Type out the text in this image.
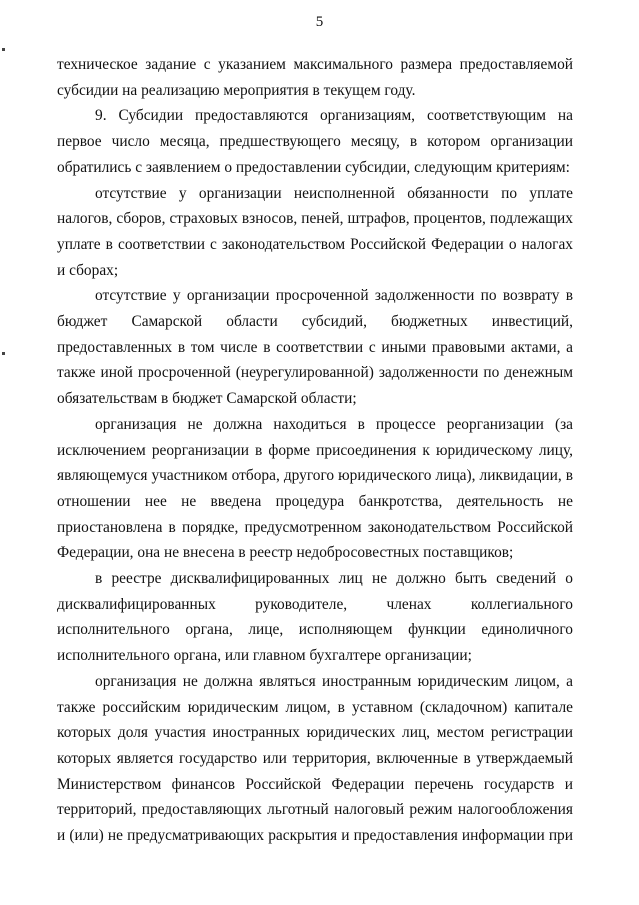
5

техническое задание с указанием максимального размера предоставляемой субсидии на реализацию мероприятия в текущем году.

9. Субсидии предоставляются организациям, соответствующим на первое число месяца, предшествующего месяцу, в котором организации обратились с заявлением о предоставлении субсидии, следующим критериям:

отсутствие у организации неисполненной обязанности по уплате налогов, сборов, страховых взносов, пеней, штрафов, процентов, подлежащих уплате в соответствии с законодательством Российской Федерации о налогах и сборах;

отсутствие у организации просроченной задолженности по возврату в бюджет Самарской области субсидий, бюджетных инвестиций, предоставленных в том числе в соответствии с иными правовыми актами, а также иной просроченной (неурегулированной) задолженности по денежным обязательствам в бюджет Самарской области;

организация не должна находиться в процессе реорганизации (за исключением реорганизации в форме присоединения к юридическому лицу, являющемуся участником отбора, другого юридического лица), ликвидации, в отношении нее не введена процедура банкротства, деятельность не приостановлена в порядке, предусмотренном законодательством Российской Федерации, она не внесена в реестр недобросовестных поставщиков;

в реестре дисквалифицированных лиц не должно быть сведений о дисквалифицированных руководителе, членах коллегиального исполнительного органа, лице, исполняющем функции единоличного исполнительного органа, или главном бухгалтере организации;

организация не должна являться иностранным юридическим лицом, а также российским юридическим лицом, в уставном (складочном) капитале которых доля участия иностранных юридических лиц, местом регистрации которых является государство или территория, включенные в утверждаемый Министерством финансов Российской Федерации перечень государств и территорий, предоставляющих льготный налоговый режим налогообложения и (или) не предусматривающих раскрытия и предоставления информации при
